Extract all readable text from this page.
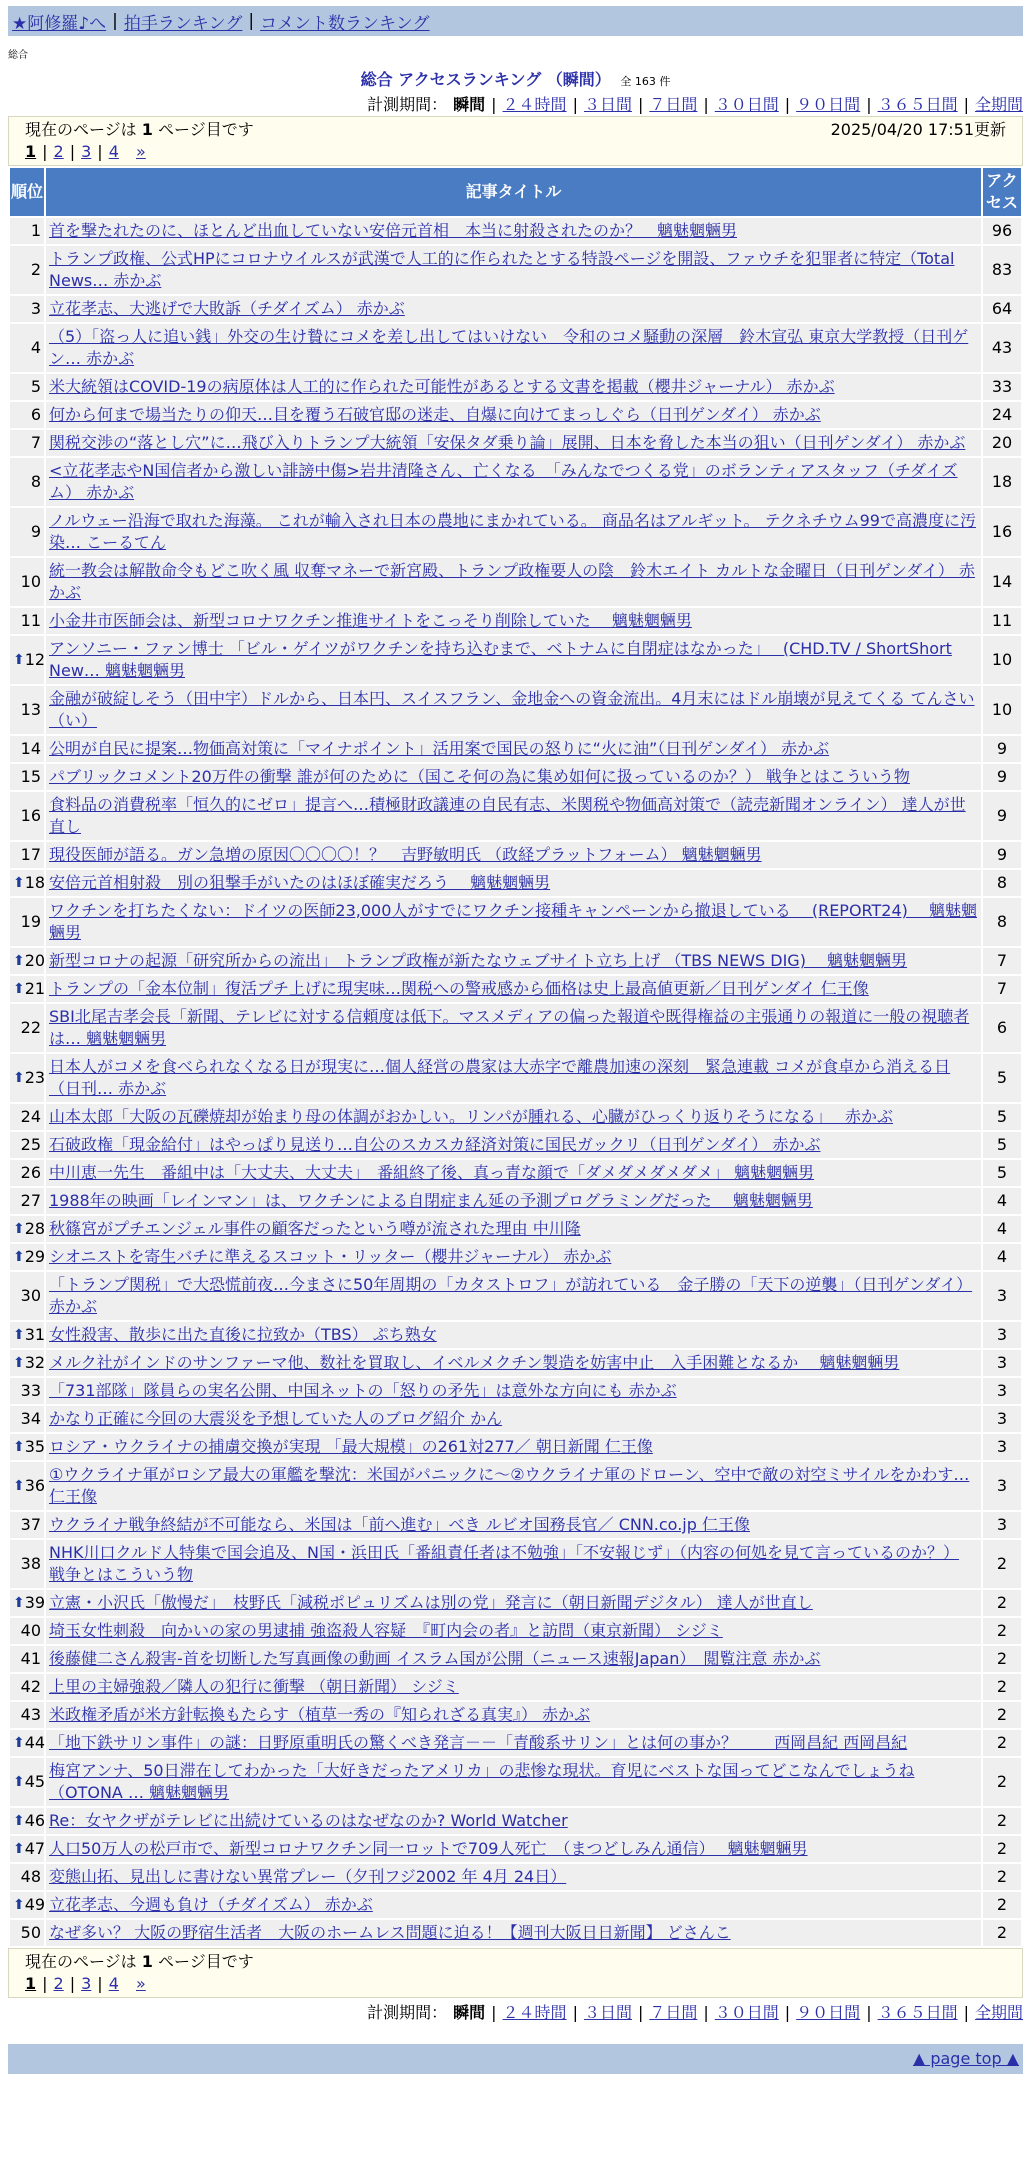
★阿修羅♪へ | 拍手ランキング | コメント数ランキング
総合
総合 アクセスランキング （瞬間） 全 163 件
計測期間： 瞬間 | ２４時間 | ３日間 | ７日間 | ３０日間 | ９０日間 | ３６５日間 | 全期間
現在のページは 1 ページ目です	2025/04/20 17:51更新
1 | 2 | 3 | 4 »
順位	記事タイトル	アクセス
1	首を撃たれたのに、ほとんど出血していない安倍元首相　本当に射殺されたのか？　魑魅魍魎男	96
2	トランプ政権、公式HPにコロナウイルスが武漢で人工的に作られたとする特設ページを開設、ファウチを犯罪者に特定（Total News… 赤かぶ	83
3	立花孝志、大逃げで大敗訴（チダイズム） 赤かぶ	64
4	（5）「盗っ人に追い銭」外交の生け贄にコメを差し出してはいけない　令和のコメ騒動の深層　鈴木宣弘 東京大学教授（日刊ゲン… 赤かぶ	43
5	米大統領はCOVID-19の病原体は人工的に作られた可能性があるとする文書を掲載（櫻井ジャーナル） 赤かぶ	33
6	何から何まで場当たりの仰天…目を覆う石破官邸の迷走、自爆に向けてまっしぐら（日刊ゲンダイ） 赤かぶ	24
7	関税交渉の“落とし穴”に…飛び入りトランプ大統領「安保タダ乗り論」展開、日本を脅した本当の狙い（日刊ゲンダイ） 赤かぶ	20
8	<立花孝志やN国信者から激しい誹謗中傷>岩井清隆さん、亡くなる　「みんなでつくる党」のボランティアスタッフ（チダイズム） 赤かぶ	18
9	ノルウェー沿海で取れた海藻。 これが輸入され日本の農地にまかれている。 商品名はアルギット。 テクネチウム99で高濃度に汚染… こーるてん	16
10	統一教会は解散命令もどこ吹く風 収奪マネーで新宮殿、トランプ政権要人の陰　鈴木エイト カルトな金曜日（日刊ゲンダイ） 赤かぶ	14
11	小金井市医師会は、新型コロナワクチン推進サイトをこっそり削除していた　 魑魅魍魎男	11

⬆ 12	アンソニー・ファン博士 「ビル・ゲイツがワクチンを持ち込むまで、ベトナムに自閉症はなかった」　 (CHD.TV / ShortShort New… 魑魅魍魎男	10
13	金融が破綻しそう（田中宇）ドルから、日本円、スイスフラン、金地金への資金流出。4月末にはドル崩壊が見えてくる てんさい（い）	10
14	公明が自民に提案…物価高対策に「マイナポイント」活用案で国民の怒りに“火に油”（日刊ゲンダイ） 赤かぶ	9
15	パブリックコメント20万件の衝撃 誰が何のために（国こそ何の為に集め如何に扱っているのか？） 戦争とはこういう物	9
16	食料品の消費税率「恒久的にゼロ」提言へ…積極財政議連の自民有志、米関税や物価高対策で（読売新聞オンライン） 達人が世直し	9
17	現役医師が語る。ガン急増の原因〇〇〇〇！？　吉野敏明氏 （政経プラットフォーム） 魑魅魍魎男	9

⬆ 18	安倍元首相射殺　別の狙撃手がいたのはほぼ確実だろう　 魑魅魍魎男	8
19	ワクチンを打ちたくない：ドイツの医師23,000人がすでにワクチン接種キャンペーンから撤退している　 (REPORT24)　 魑魅魍魎男	8

⬆ 20	新型コロナの起源「研究所からの流出」 トランプ政権が新たなウェブサイト立ち上げ （TBS NEWS DIG)　 魑魅魍魎男	7

⬆ 21	トランプの「金本位制」復活プチ上げに現実味…関税への警戒感から価格は史上最高値更新／日刊ゲンダイ 仁王像	7
22	SBI北尾吉孝会長「新聞、テレビに対する信頼度は低下。マスメディアの偏った報道や既得権益の主張通りの報道に一般の視聴者は… 魑魅魍魎男	6

⬆ 23	日本人がコメを食べられなくなる日が現実に…個人経営の農家は大赤字で離農加速の深刻　緊急連載 コメが食卓から消える日（日刊… 赤かぶ	5
24	山本太郎「大阪の瓦礫焼却が始まり母の体調がおかしい。リンパが腫れる、心臓がひっくり返りそうになる」　 赤かぶ	5
25	石破政権「現金給付」はやっぱり見送り…自公のスカスカ経済対策に国民ガックリ（日刊ゲンダイ） 赤かぶ	5
26	中川恵一先生　番組中は「大丈夫、大丈夫」　番組終了後、真っ青な顔で「ダメダメダメダメ」 魑魅魍魎男	5
27	1988年の映画「レインマン」は、ワクチンによる自閉症まん延の予測プログラミングだった　 魑魅魍魎男	4

⬆ 28	秋篠宮がプチエンジェル事件の顧客だったという噂が流された理由 中川隆	4

⬆ 29	シオニストを寄生バチに準えるスコット・リッター（櫻井ジャーナル） 赤かぶ	4
30	「トランプ関税」で大恐慌前夜…今まさに50年周期の「カタストロフ」が訪れている　金子勝の「天下の逆襲」（日刊ゲンダイ） 赤かぶ	3

⬆ 31	女性殺害、散歩に出た直後に拉致か（TBS） ぷち熟女	3

⬆ 32	メルク社がインドのサンファーマ他、数社を買取し、イベルメクチン製造を妨害中止　入手困難となるか　 魑魅魍魎男	3
33	「731部隊」隊員らの実名公開、中国ネットの「怒りの矛先」は意外な方向にも 赤かぶ	3
34	かなり正確に今回の大震災を予想していた人のブログ紹介 かん	3

⬆ 35	ロシア・ウクライナの捕虜交換が実現 「最大規模」の261対277／ 朝日新聞 仁王像	3

⬆ 36	①ウクライナ軍がロシア最大の軍艦を撃沈：米国がパニックに〜②ウクライナ軍のドローン、空中で敵の対空ミサイルをかわす… 仁王像	3
37	ウクライナ戦争終結が不可能なら、米国は「前へ進む」べき ルビオ国務長官／ CNN.co.jp 仁王像	3
38	NHK川口クルド人特集で国会追及、N国・浜田氏「番組責任者は不勉強」「不安報じず」（内容の何処を見て言っているのか？） 戦争とはこういう物	2

⬆ 39	立憲・小沢氏「傲慢だ」　枝野氏「減税ポピュリズムは別の党」発言に（朝日新聞デジタル） 達人が世直し	2
40	埼玉女性刺殺　向かいの家の男逮捕 強盗殺人容疑　『町内会の者』と訪問（東京新聞） シジミ	2
41	後藤健二さん殺害-首を切断した写真画像の動画 イスラム国が公開（ニュース速報Japan）　閲覧注意 赤かぶ	2
42	上里の主婦強殺／隣人の犯行に衝撃 （朝日新聞） シジミ	2
43	米政権矛盾が米方針転換もたらす（植草一秀の『知られざる真実』） 赤かぶ	2

⬆ 44	「地下鉄サリン事件」の謎：日野原重明氏の驚くべき発言－－「青酸系サリン」とは何の事か？　　 西岡昌紀 西岡昌紀	2

⬆ 45	梅宮アンナ、50日滞在してわかった「大好きだったアメリカ」の悲惨な現状。育児にベストな国ってどこなんでしょうね（OTONA … 魑魅魍魎男	2

⬆ 46	Re：女ヤクザがテレビに出続けているのはなぜなのか? World Watcher	2

⬆ 47	人口50万人の松戸市で、新型コロナワクチン同一ロットで709人死亡　（まつどしみん通信）　 魑魅魍魎男	2
48	変態山拓、見出しに書けない異常プレー（夕刊フジ2002 年 4月 24日）	2

⬆ 49	立花孝志、今週も負け（チダイズム） 赤かぶ	2
50	なぜ多い？ 大阪の野宿生活者　大阪のホームレス問題に迫る！【週刊大阪日日新聞】 どさんこ	2
現在のページは 1 ページ目です
1 | 2 | 3 | 4 »
計測期間： 瞬間 | ２４時間 | ３日間 | ７日間 | ３０日間 | ９０日間 | ３６５日間 | 全期間
▲ page top ▲
